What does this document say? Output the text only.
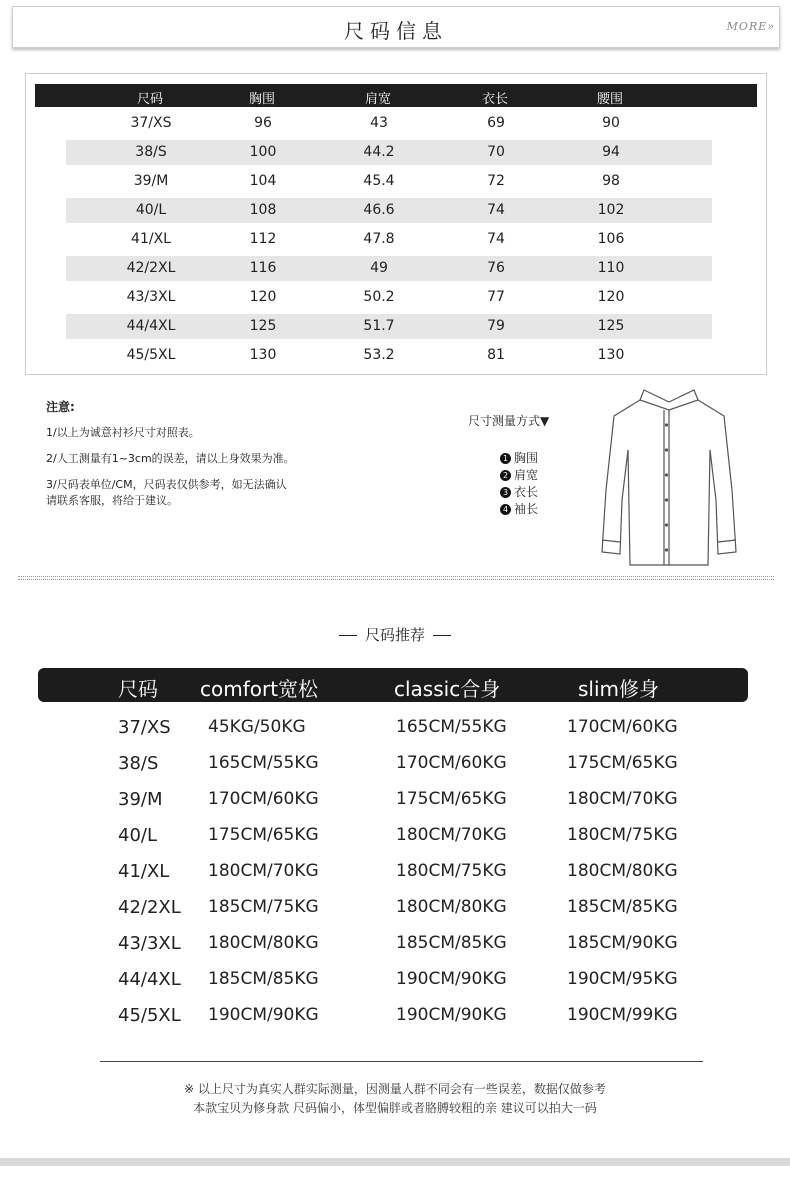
尺码信息	MORE»
尺码	胸围	肩宽	衣长	腰围
37/XS	96	43	69	90
38/S	100	44.2	70	94
39/M	104	45.4	72	98
40/L	108	46.6	74	102
41/XL	112	47.8	74	106
42/2XL	116	49	76	110
43/3XL	120	50.2	77	120
44/4XL	125	51.7	79	125
45/5XL	130	53.2	81	130
注意:

1/以上为诚意衬衫尺寸对照表。

2/人工测量有1~3cm的误差，请以上身效果为准。

3/尺码表单位/CM，尺码表仅供参考，如无法确认请联系客服，将给于建议。

尺寸测量方式▼
1 胸围
2 肩宽
3 衣长
4 袖长
尺码推荐
尺码 comfort宽松	classic合身	slim修身
37/XS 45KG/50KG	165CM/55KG	170CM/60KG
38/S	165CM/55KG	170CM/60KG	175CM/65KG
39/M	170CM/60KG	175CM/65KG	180CM/70KG
40/L	175CM/65KG	180CM/70KG	180CM/75KG
41/XL 180CM/70KG	180CM/75KG	180CM/80KG
42/2XL 185CM/75KG	180CM/80KG	185CM/85KG
43/3XL 180CM/80KG	185CM/85KG	185CM/90KG
44/4XL 185CM/85KG	190CM/90KG	190CM/95KG
45/5XL 190CM/90KG	190CM/90KG	190CM/99KG
※ 以上尺寸为真实人群实际测量，因测量人群不同会有一些误差，数据仅做参考
本款宝贝为修身款 尺码偏小，体型偏胖或者胳膊较粗的亲 建议可以拍大一码
